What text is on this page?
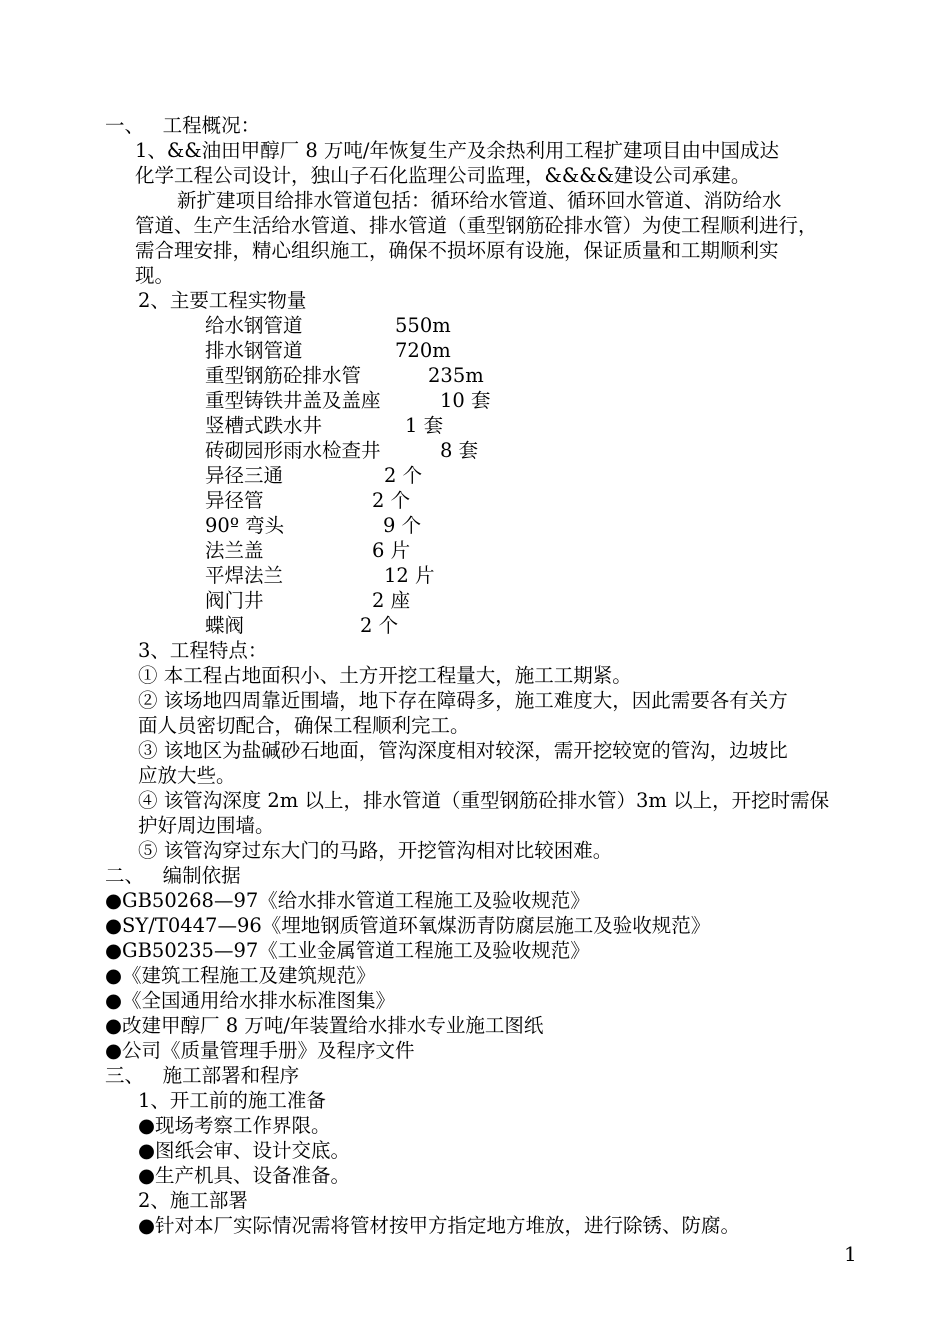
一、   工程概况：
1、&&油田甲醇厂 8 万吨/年恢复生产及余热利用工程扩建项目由中国成达
化学工程公司设计，独山子石化监理公司监理，&&&&建设公司承建。
新扩建项目给排水管道包括：循环给水管道、循环回水管道、消防给水
管道、生产生活给水管道、排水管道（重型钢筋砼排水管）为使工程顺利进行，
需合理安排，精心组织施工，确保不损坏原有设施，保证质量和工期顺利实
现。
2、主要工程实物量
给水钢管道	550m
排水钢管道	720m
重型钢筋砼排水管	235m
重型铸铁井盖及盖座	10 套
竖槽式跌水井	1 套
砖砌园形雨水检查井	8 套
异径三通	2 个
异径管	2 个
90º 弯头	9 个
法兰盖	6 片
平焊法兰	12 片
阀门井	2 座
蝶阀	2 个
3、工程特点：
① 本工程占地面积小、土方开挖工程量大，施工工期紧。
② 该场地四周靠近围墙，地下存在障碍多，施工难度大，因此需要各有关方
面人员密切配合，确保工程顺利完工。
③ 该地区为盐碱砂石地面，管沟深度相对较深，需开挖较宽的管沟，边坡比
应放大些。
④ 该管沟深度 2m 以上，排水管道（重型钢筋砼排水管）3m 以上，开挖时需保
护好周边围墙。
⑤ 该管沟穿过东大门的马路，开挖管沟相对比较困难。
二、   编制依据
●GB50268—97《给水排水管道工程施工及验收规范》
●SY/T0447—96《埋地钢质管道环氧煤沥青防腐层施工及验收规范》
●GB50235—97《工业金属管道工程施工及验收规范》
●《建筑工程施工及建筑规范》
●《全国通用给水排水标准图集》
●改建甲醇厂 8 万吨/年装置给水排水专业施工图纸
●公司《质量管理手册》及程序文件
三、   施工部署和程序
1、开工前的施工准备
●现场考察工作界限。
●图纸会审、设计交底。
●生产机具、设备准备。
2、施工部署
●针对本厂实际情况需将管材按甲方指定地方堆放，进行除锈、防腐。
1
